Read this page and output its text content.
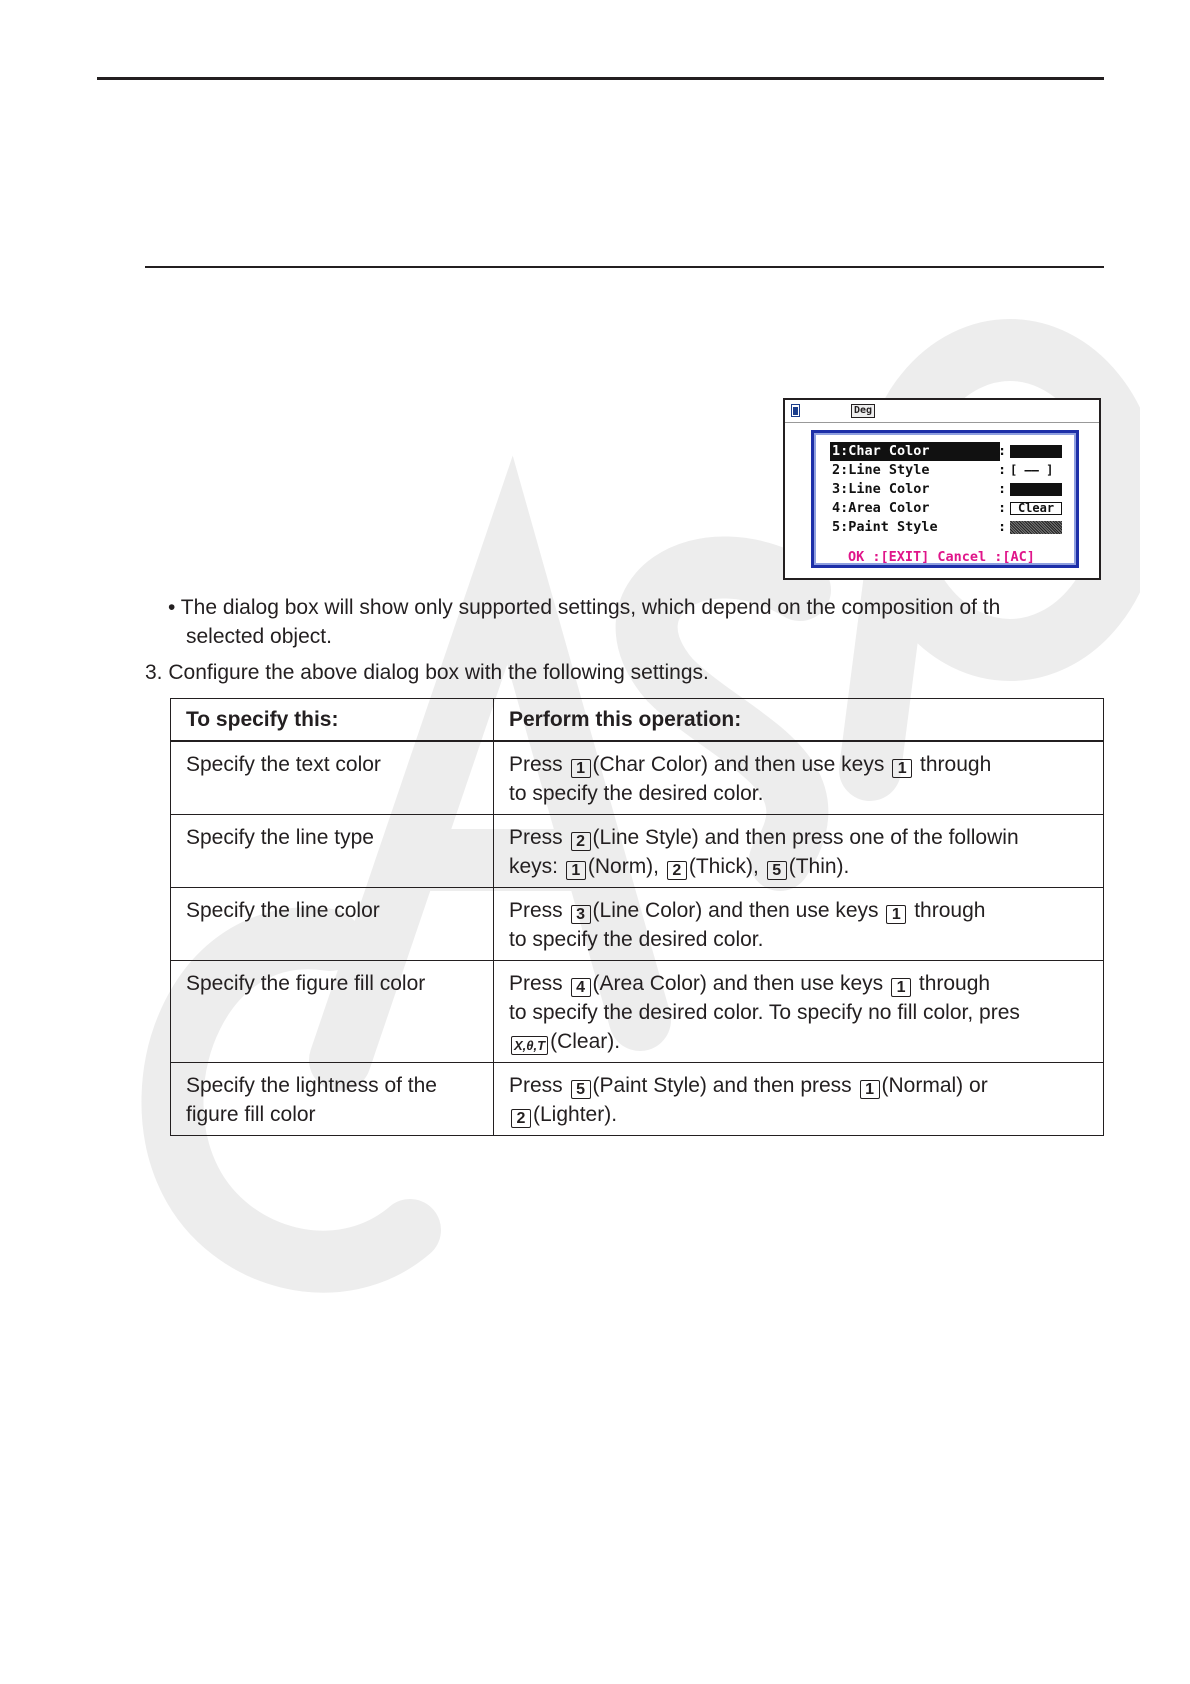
Deg
1:Char Color	:
2:Line Style	: [ —— ]
3:Line Color	:
4:Area Color	: Clear
5:Paint Style	:
OK :[EXIT] Cancel :[AC]
• The dialog box will show only supported settings, which depend on the composition of th
selected object.
3. Configure the above dialog box with the following settings.
To specify this:	Perform this operation:
Specify the text color	Press 1 (Char Color) and then use keys 1 through
to specify the desired color.
Specify the line type	Press 2 (Line Style) and then press one of the followin
keys: 1 (Norm), 2 (Thick), 5 (Thin).
Specify the line color	Press 3 (Line Color) and then use keys 1 through
to specify the desired color.
Specify the figure fill color	Press 4 (Area Color) and then use keys 1 through
to specify the desired color. To specify no fill color, pres
X,θ,T (Clear).
Specify the lightness of the
figure fill color	Press 5 (Paint Style) and then press 1 (Normal) or
2 (Lighter).
